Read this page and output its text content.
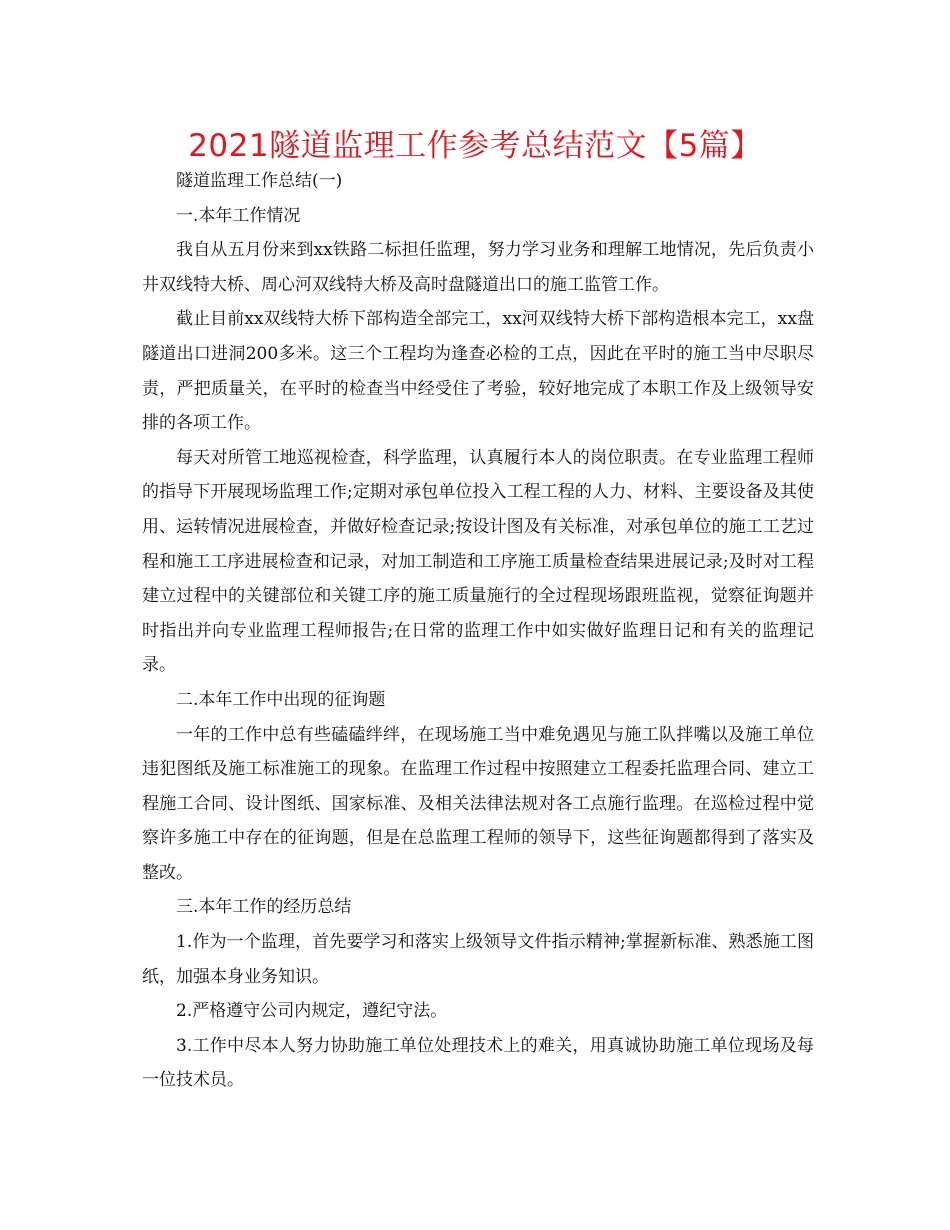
2021隧道监理工作参考总结范文【5篇】

隧道监理工作总结(一)

一.本年工作情况

我自从五月份来到xx铁路二标担任监理，努力学习业务和理解工地情况，先后负责小井双线特大桥、周心河双线特大桥及高时盘隧道出口的施工监管工作。

截止目前xx双线特大桥下部构造全部完工，xx河双线特大桥下部构造根本完工，xx盘隧道出口进洞200多米。这三个工程均为逢查必检的工点，因此在平时的施工当中尽职尽责，严把质量关，在平时的检查当中经受住了考验，较好地完成了本职工作及上级领导安排的各项工作。

每天对所管工地巡视检查，科学监理，认真履行本人的岗位职责。在专业监理工程师的指导下开展现场监理工作;定期对承包单位投入工程工程的人力、材料、主要设备及其使用、运转情况进展检查，并做好检查记录;按设计图及有关标准，对承包单位的施工工艺过程和施工工序进展检查和记录，对加工制造和工序施工质量检查结果进展记录;及时对工程建立过程中的关键部位和关键工序的施工质量施行的全过程现场跟班监视，觉察征询题并时指出并向专业监理工程师报告;在日常的监理工作中如实做好监理日记和有关的监理记录。

二.本年工作中出现的征询题

一年的工作中总有些磕磕绊绊，在现场施工当中难免遇见与施工队拌嘴以及施工单位违犯图纸及施工标准施工的现象。在监理工作过程中按照建立工程委托监理合同、建立工程施工合同、设计图纸、国家标准、及相关法律法规对各工点施行监理。在巡检过程中觉察许多施工中存在的征询题，但是在总监理工程师的领导下，这些征询题都得到了落实及整改。

三.本年工作的经历总结

1.作为一个监理，首先要学习和落实上级领导文件指示精神;掌握新标准、熟悉施工图纸，加强本身业务知识。

2.严格遵守公司内规定，遵纪守法。

3.工作中尽本人努力协助施工单位处理技术上的难关，用真诚协助施工单位现场及每一位技术员。
